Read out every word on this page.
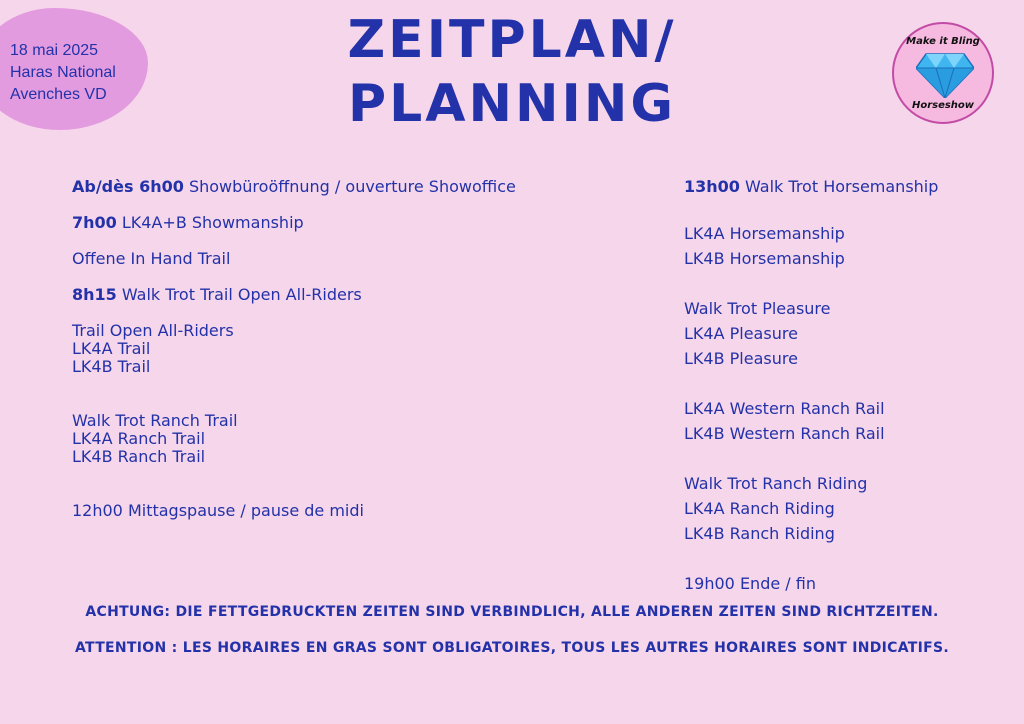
18 mai 2025
Haras National
Avenches VD
ZEITPLAN/
PLANNING
Make it Bling
Horseshow
Ab/dès 6h00 Showbüroöffnung / ouverture Showoffice
7h00 LK4A+B Showmanship
Offene In Hand Trail
8h15 Walk Trot Trail Open All-Riders
Trail Open All-Riders
LK4A Trail
LK4B Trail
Walk Trot Ranch Trail
LK4A Ranch Trail
LK4B Ranch Trail
12h00 Mittagspause / pause de midi
13h00 Walk Trot Horsemanship
LK4A Horsemanship
LK4B Horsemanship
Walk Trot Pleasure
LK4A Pleasure
LK4B Pleasure
LK4A Western Ranch Rail
LK4B Western Ranch Rail
Walk Trot Ranch Riding
LK4A Ranch Riding
LK4B Ranch Riding
19h00 Ende / fin
ACHTUNG: DIE FETTGEDRUCKTEN ZEITEN SIND VERBINDLICH, ALLE ANDEREN ZEITEN SIND RICHTZEITEN.
ATTENTION : LES HORAIRES EN GRAS SONT OBLIGATOIRES, TOUS LES AUTRES HORAIRES SONT INDICATIFS.
